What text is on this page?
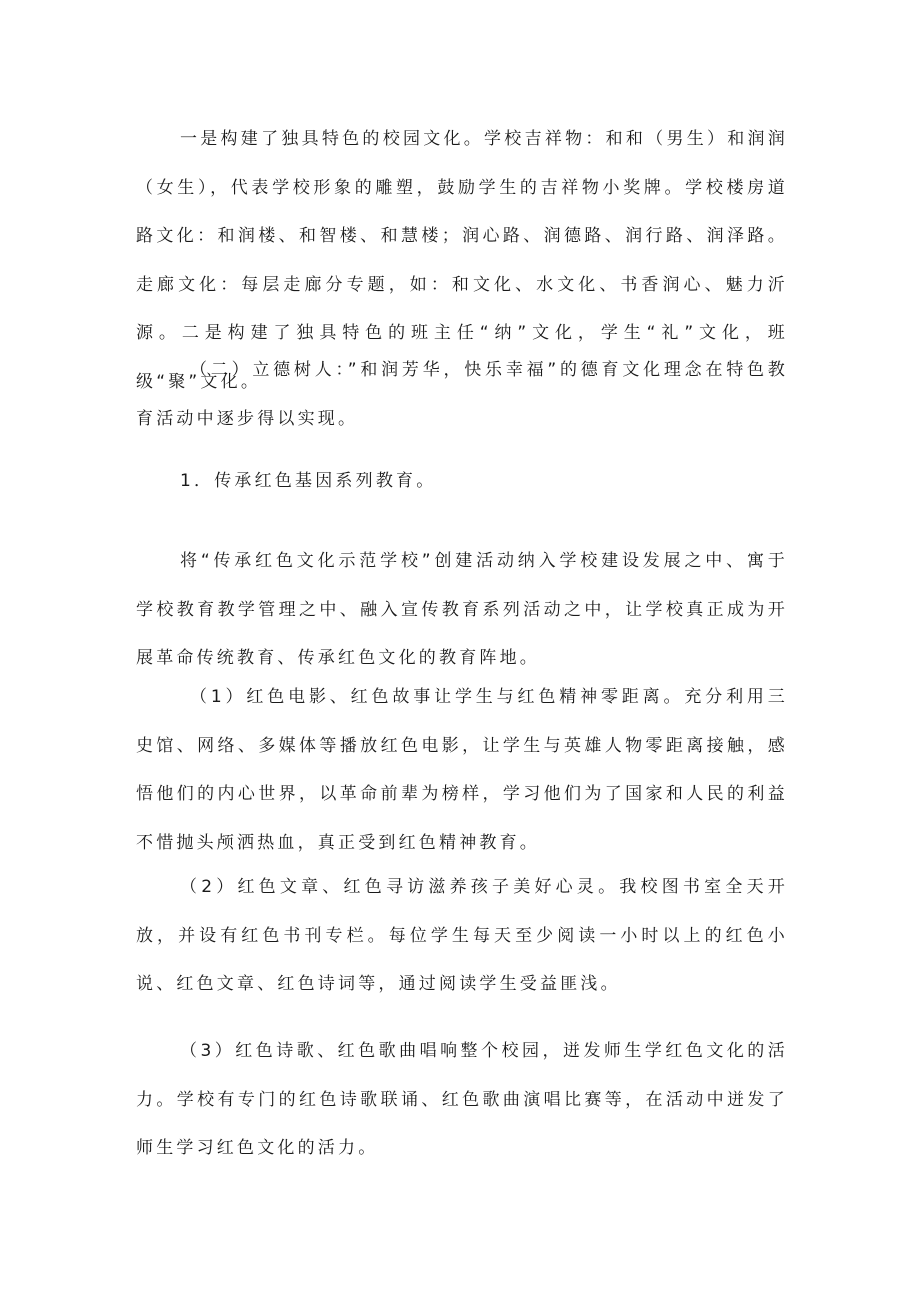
一是构建了独具特色的校园文化。学校吉祥物：和和（男生）和润润（女生），代表学校形象的雕塑，鼓励学生的吉祥物小奖牌。学校楼房道路文化：和润楼、和智楼、和慧楼；润心路、润德路、润行路、润泽路。走廊文化：每层走廊分专题，如：和文化、水文化、书香润心、魅力沂源。二是构建了独具特色的班主任“纳”文化，学生“礼”文化，班级“聚”文化。

（二）立德树人：”和润芳华，快乐幸福”的德育文化理念在特色教育活动中逐步得以实现。

1．传承红色基因系列教育。

将“传承红色文化示范学校”创建活动纳入学校建设发展之中、寓于学校教育教学管理之中、融入宣传教育系列活动之中，让学校真正成为开展革命传统教育、传承红色文化的教育阵地。

（1）红色电影、红色故事让学生与红色精神零距离。充分利用三史馆、网络、多媒体等播放红色电影，让学生与英雄人物零距离接触，感悟他们的内心世界，以革命前辈为榜样，学习他们为了国家和人民的利益不惜抛头颅洒热血，真正受到红色精神教育。

（2）红色文章、红色寻访滋养孩子美好心灵。我校图书室全天开放，并设有红色书刊专栏。每位学生每天至少阅读一小时以上的红色小说、红色文章、红色诗词等，通过阅读学生受益匪浅。

（3）红色诗歌、红色歌曲唱响整个校园，迸发师生学红色文化的活力。学校有专门的红色诗歌联诵、红色歌曲演唱比赛等，在活动中迸发了师生学习红色文化的活力。
